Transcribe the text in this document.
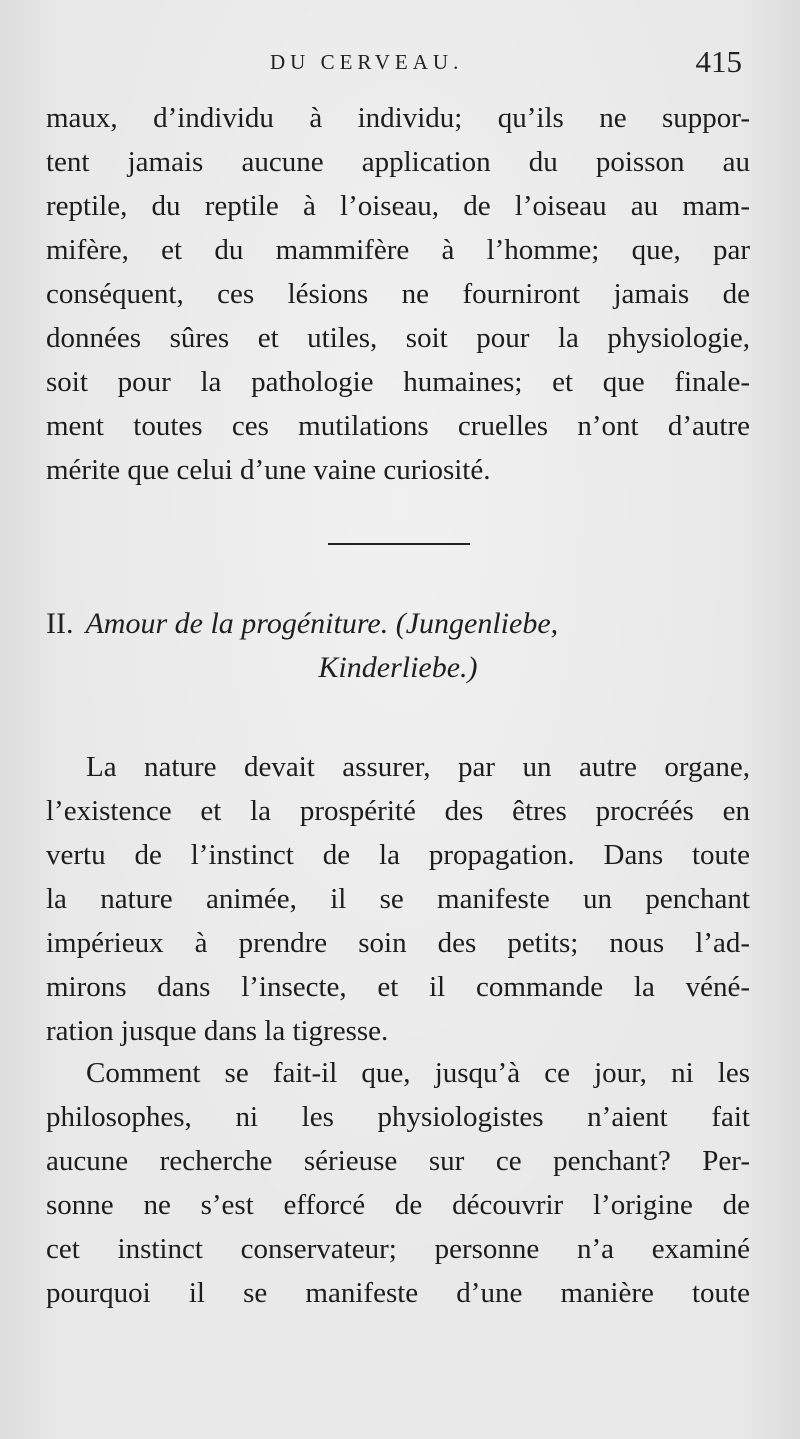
DU CERVEAU.	415
maux, d’individu à individu; qu’ils ne suppor-
tent jamais aucune application du poisson au
reptile, du reptile à l’oiseau, de l’oiseau au mam-
mifère, et du mammifère à l’homme; que, par
conséquent, ces lésions ne fourniront jamais de
données sûres et utiles, soit pour la physiologie,
soit pour la pathologie humaines; et que finale-
ment toutes ces mutilations cruelles n’ont d’autre
mérite que celui d’une vaine curiosité.
II. Amour de la progéniture. (Jungenliebe,
Kinderliebe.)
La nature devait assurer, par un autre organe,
l’existence et la prospérité des êtres procréés en
vertu de l’instinct de la propagation. Dans toute
la nature animée, il se manifeste un penchant
impérieux à prendre soin des petits; nous l’ad-
mirons dans l’insecte, et il commande la véné-
ration jusque dans la tigresse.
Comment se fait-il que, jusqu’à ce jour, ni les
philosophes, ni les physiologistes n’aient fait
aucune recherche sérieuse sur ce penchant? Per-
sonne ne s’est efforcé de découvrir l’origine de
cet instinct conservateur; personne n’a examiné
pourquoi il se manifeste d’une manière toute
